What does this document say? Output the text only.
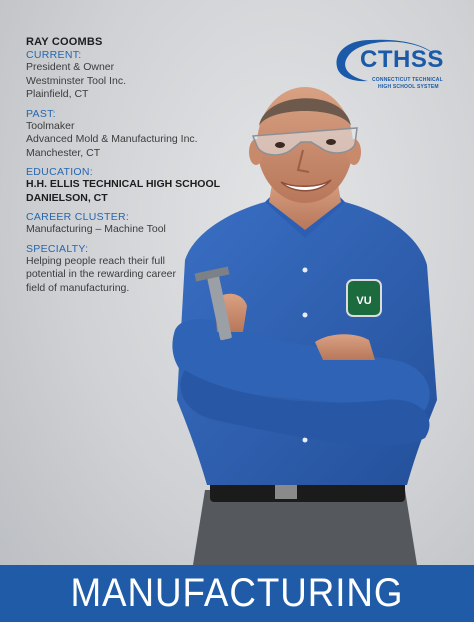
RAY COOMBS
CURRENT:
President & Owner
Westminster Tool Inc.
Plainfield, CT
PAST:
Toolmaker
Advanced Mold & Manufacturing Inc.
Manchester, CT
EDUCATION:
H.H. ELLIS TECHNICAL HIGH SCHOOL
DANIELSON, CT
CAREER CLUSTER:
Manufacturing – Machine Tool
SPECIALTY:
Helping people reach their full
potential in the rewarding career
field of manufacturing.
CTHSS
CONNECTICUT TECHNICAL
HIGH SCHOOL SYSTEM
VU
MANUFACTURING
